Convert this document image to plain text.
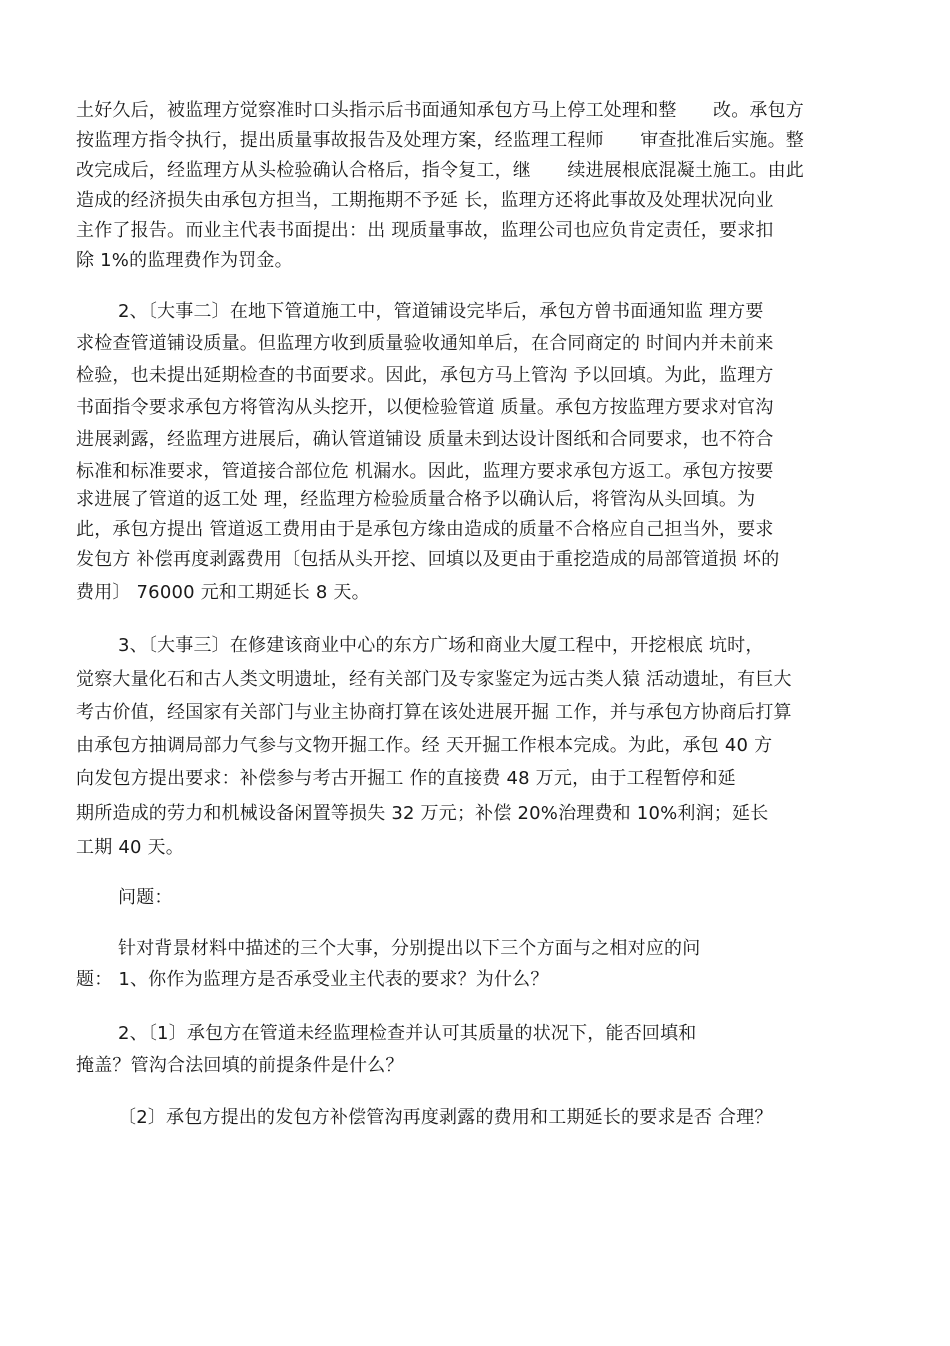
土好久后，被监理方觉察准时口头指示后书面通知承包方马上停工处理和整　　改。承包方
按监理方指令执行，提出质量事故报告及处理方案，经监理工程师　　审查批准后实施。整
改完成后，经监理方从头检验确认合格后，指令复工，继　　续进展根底混凝土施工。由此
造成的经济损失由承包方担当，工期拖期不予延 长，监理方还将此事故及处理状况向业
主作了报告。而业主代表书面提出：出 现质量事故，监理公司也应负肯定责任，要求扣
除 1%的监理费作为罚金。
2、〔大事二〕在地下管道施工中，管道铺设完毕后，承包方曾书面通知监 理方要
求检查管道铺设质量。但监理方收到质量验收通知单后，在合同商定的 时间内并未前来
检验，也未提出延期检查的书面要求。因此，承包方马上管沟 予以回填。为此，监理方
书面指令要求承包方将管沟从头挖开，以便检验管道 质量。承包方按监理方要求对官沟
进展剥露，经监理方进展后，确认管道铺设 质量未到达设计图纸和合同要求，也不符合
标准和标准要求，管道接合部位危 机漏水。因此，监理方要求承包方返工。承包方按要
求进展了管道的返工处 理，经监理方检验质量合格予以确认后，将管沟从头回填。为
此，承包方提出 管道返工费用由于是承包方缘由造成的质量不合格应自己担当外，要求
发包方 补偿再度剥露费用〔包括从头开挖、回填以及更由于重挖造成的局部管道损 坏的
费用〕 76000 元和工期延长 8 天。
3、〔大事三〕在修建该商业中心的东方广场和商业大厦工程中，开挖根底 坑时，
觉察大量化石和古人类文明遗址，经有关部门及专家鉴定为远古类人猿 活动遗址，有巨大
考古价值，经国家有关部门与业主协商打算在该处进展开掘 工作，并与承包方协商后打算
由承包方抽调局部力气参与文物开掘工作。经 天开掘工作根本完成。为此，承包 40 方
向发包方提出要求：补偿参与考古开掘工 作的直接费 48 万元，由于工程暂停和延
期所造成的劳力和机械设备闲置等损失 32 万元；补偿 20%治理费和 10%利润；延长
工期 40 天。
问题：
针对背景材料中描述的三个大事，分别提出以下三个方面与之相对应的问
题： 1、你作为监理方是否承受业主代表的要求？为什么？
2、〔1〕承包方在管道未经监理检查并认可其质量的状况下，能否回填和
掩盖？管沟合法回填的前提条件是什么？
〔2〕承包方提出的发包方补偿管沟再度剥露的费用和工期延长的要求是否 合理？
